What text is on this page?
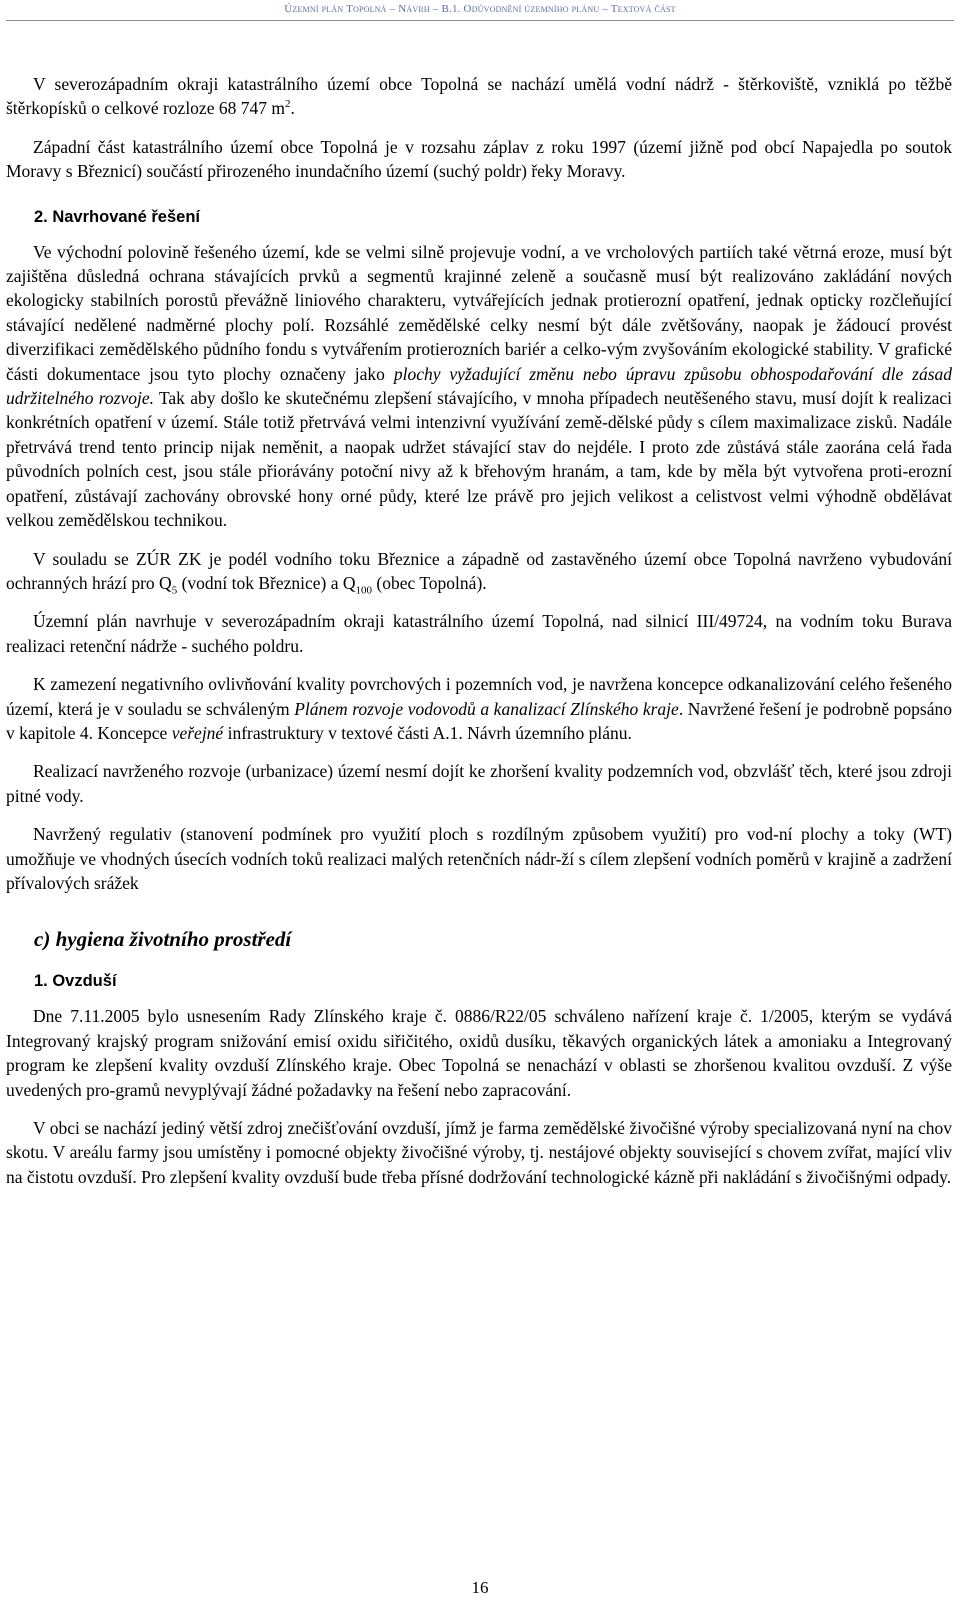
Územní plán Topolná – Návrh – B.1. Odůvodnění územního plánu – Textová část

V severozápadním okraji katastrálního území obce Topolná se nachází umělá vodní nádrž - štěrkoviště, vzniklá po těžbě štěrkopísků o celkové rozloze 68 747 $m^2$.

Západní část katastrálního území obce Topolná je v rozsahu záplav z roku 1997 (území jižně pod obcí Napajedla po soutok Moravy s Březnicí) součástí přirozeného inundačního území (suchý poldr) řeky Moravy.

2. Navrhované řešení

Ve východní polovině řešeného území, kde se velmi silně projevuje vodní, a ve vrcholových partiích také větrná eroze, musí být zajištěna důsledná ochrana stávajících prvků a segmentů krajinné zeleně a současně musí být realizováno zakládání nových ekologicky stabilních porostů převážně liniového charakteru, vytvářejících jednak protierozní opatření, jednak opticky rozčleňující stávající nedělené nadměrné plochy polí. Rozsáhlé zemědělské celky nesmí být dále zvětšovány, naopak je žádoucí provést diverzifikaci zemědělského půdního fondu s vytvářením protierozních bariér a celko-vým zvyšováním ekologické stability. V grafické části dokumentace jsou tyto plochy označeny jako plochy vyžadující změnu nebo úpravu způsobu obhospodařování dle zásad udržitelného rozvoje. Tak aby došlo ke skutečnému zlepšení stávajícího, v mnoha případech neutěšeného stavu, musí dojít k realizaci konkrétních opatření v území. Stále totiž přetrvává velmi intenzivní využívání země-dělské půdy s cílem maximalizace zisků. Nadále přetrvává trend tento princip nijak neměnit, a naopak udržet stávající stav do nejdéle. I proto zde zůstává stále zaorána celá řada původních polních cest, jsou stále přiorávány potoční nivy až k břehovým hranám, a tam, kde by měla být vytvořena proti-erozní opatření, zůstávají zachovány obrovské hony orné půdy, které lze právě pro jejich velikost a celistvost velmi výhodně obdělávat velkou zemědělskou technikou.

V souladu se ZÚR ZK je podél vodního toku Březnice a západně od zastavěného území obce Topolná navrženo vybudování ochranných hrází pro $Q_5$ (vodní tok Březnice) a $Q_{100}$ (obec Topolná).

Územní plán navrhuje v severozápadním okraji katastrálního území Topolná, nad silnicí III/49724, na vodním toku Burava realizaci retenční nádrže - suchého poldru.

K zamezení negativního ovlivňování kvality povrchových i pozemních vod, je navržena koncepce odkanalizování celého řešeného území, která je v souladu se schváleným Plánem rozvoje vodovodů a kanalizací Zlínského kraje. Navržené řešení je podrobně popsáno v kapitole 4. Koncepce veřejné infrastruktury v textové části A.1. Návrh územního plánu.

Realizací navrženého rozvoje (urbanizace) území nesmí dojít ke zhoršení kvality podzemních vod, obzvlášť těch, které jsou zdroji pitné vody.

Navržený regulativ (stanovení podmínek pro využití ploch s rozdílným způsobem využití) pro vod-ní plochy a toky (WT) umožňuje ve vhodných úsecích vodních toků realizaci malých retenčních nádr-ží s cílem zlepšení vodních poměrů v krajině a zadržení přívalových srážek

c) hygiena životního prostředí
1. Ovzduší

Dne 7.11.2005 bylo usnesením Rady Zlínského kraje č. 0886/R22/05 schváleno nařízení kraje č. 1/2005, kterým se vydává Integrovaný krajský program snižování emisí oxidu siřičitého, oxidů dusíku, těkavých organických látek a amoniaku a Integrovaný program ke zlepšení kvality ovzduší Zlínského kraje. Obec Topolná se nenachází v oblasti se zhoršenou kvalitou ovzduší. Z výše uvedených pro-gramů nevyplývají žádné požadavky na řešení nebo zapracování.

V obci se nachází jediný větší zdroj znečišťování ovzduší, jímž je farma zemědělské živočišné výroby specializovaná nyní na chov skotu. V areálu farmy jsou umístěny i pomocné objekty živočišné výroby, tj. nestájové objekty související s chovem zvířat, mající vliv na čistotu ovzduší. Pro zlepšení kvality ovzduší bude třeba přísné dodržování technologické kázně při nakládání s živočišnými odpady.

16
